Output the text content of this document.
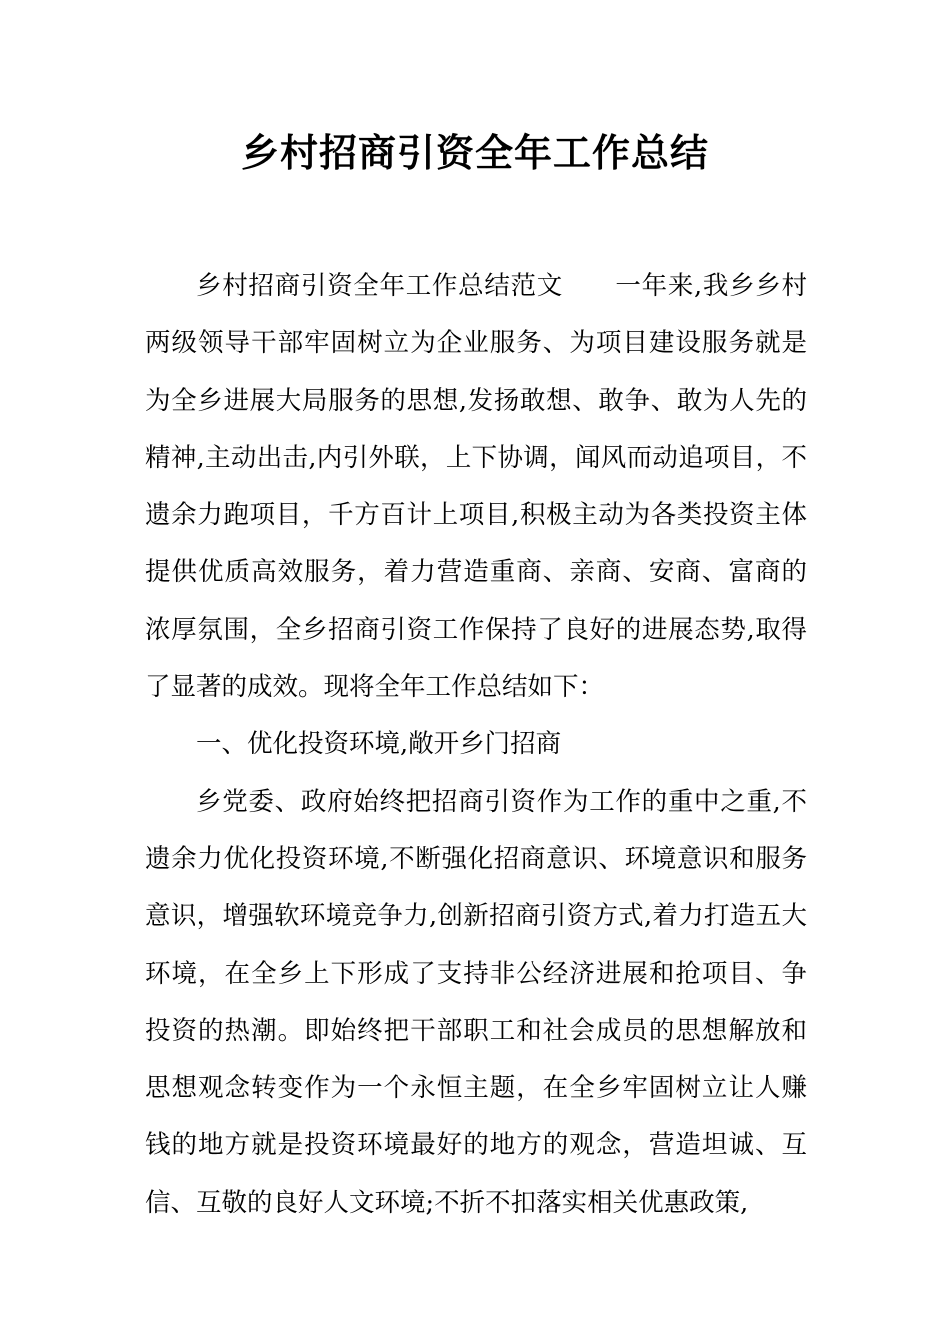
乡村招商引资全年工作总结

乡村招商引资全年工作总结范文　　一年来,我乡乡村两级领导干部牢固树立为企业服务、为项目建设服务就是为全乡进展大局服务的思想,发扬敢想、敢争、敢为人先的精神,主动出击,内引外联，上下协调，闻风而动追项目，不遗余力跑项目，千方百计上项目,积极主动为各类投资主体提供优质高效服务，着力营造重商、亲商、安商、富商的浓厚氛围，全乡招商引资工作保持了良好的进展态势,取得了显著的成效。现将全年工作总结如下：

一、优化投资环境,敞开乡门招商

乡党委、政府始终把招商引资作为工作的重中之重,不遗余力优化投资环境,不断强化招商意识、环境意识和服务意识，增强软环境竞争力,创新招商引资方式,着力打造五大环境，在全乡上下形成了支持非公经济进展和抢项目、争投资的热潮。即始终把干部职工和社会成员的思想解放和思想观念转变作为一个永恒主题，在全乡牢固树立让人赚钱的地方就是投资环境最好的地方的观念，营造坦诚、互信、互敬的良好人文环境;不折不扣落实相关优惠政策,
